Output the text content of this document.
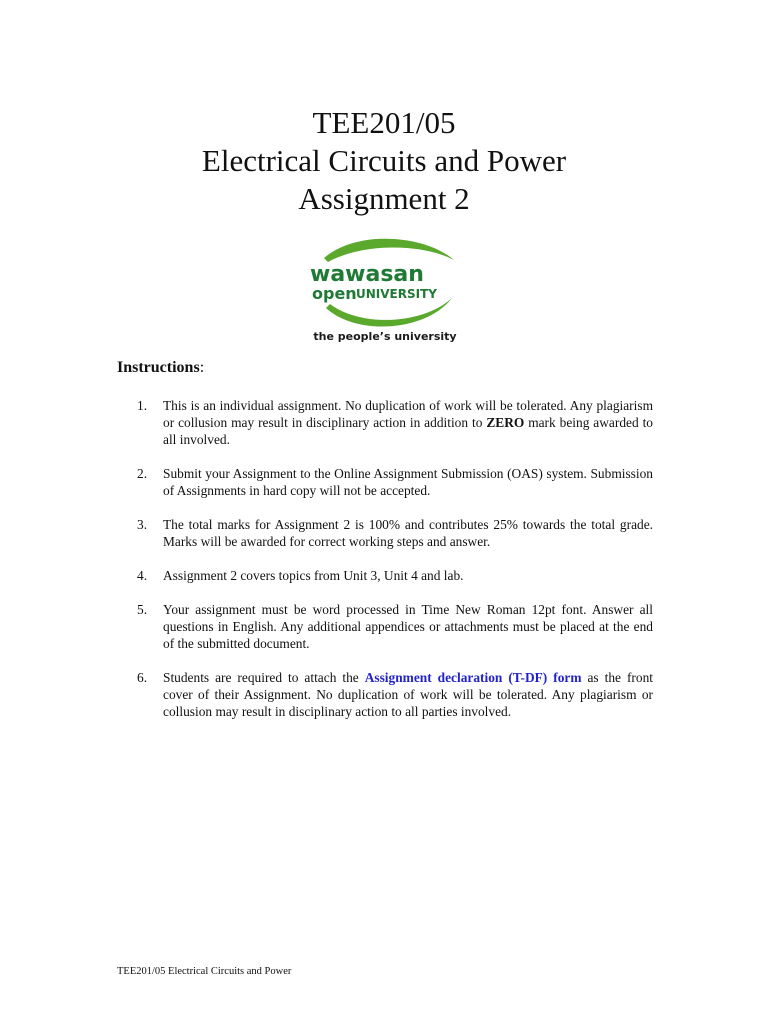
TEE201/05
Electrical Circuits and Power
Assignment 2
wawasan
open UNIVERSITY
the people’s university
Instructions:
1. This is an individual assignment. No duplication of work will be tolerated. Any plagiarism or collusion may result in disciplinary action in addition to ZERO mark being awarded to all involved.
2. Submit your Assignment to the Online Assignment Submission (OAS) system. Submission of Assignments in hard copy will not be accepted.
3. The total marks for Assignment 2 is 100% and contributes 25% towards the total grade. Marks will be awarded for correct working steps and answer.
4. Assignment 2 covers topics from Unit 3, Unit 4 and lab.
5. Your assignment must be word processed in Time New Roman 12pt font. Answer all questions in English. Any additional appendices or attachments must be placed at the end of the submitted document.
6. Students are required to attach the Assignment declaration (T-DF) form as the front cover of their Assignment. No duplication of work will be tolerated. Any plagiarism or collusion may result in disciplinary action to all parties involved.
TEE201/05 Electrical Circuits and Power
